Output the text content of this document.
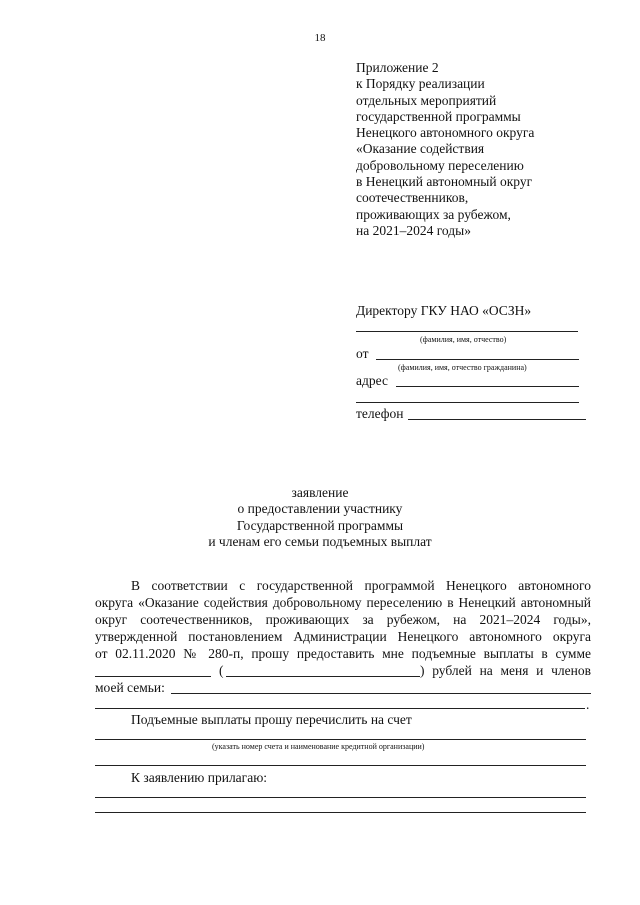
18
Приложение 2
к Порядку реализации
отдельных мероприятий
государственной программы
Ненецкого автономного округа
«Оказание содействия
добровольному переселению
в Ненецкий автономный округ
соотечественников,
проживающих за рубежом,
на 2021–2024 годы»
Директору ГКУ НАО «ОСЗН»
(фамилия, имя, отчество)
от
(фамилия, имя, отчество гражданина)
адрес
телефон
заявление
о предоставлении участнику
Государственной программы
и членам его семьи подъемных выплат
В соответствии с государственной программой Ненецкого автономного
округа «Оказание содействия добровольному переселению в Ненецкий автономный
округ соотечественников, проживающих за рубежом, на 2021–2024 годы»,
утвержденной постановлением Администрации Ненецкого автономного округа
от 02.11.2020 № 280-п, прошу предоставить мне подъемные выплаты в сумме
(	) рублей на меня и членов
моей семьи:
.
Подъемные выплаты прошу перечислить на счет
(указать номер счета и наименование кредитной организации)
К заявлению прилагаю:
